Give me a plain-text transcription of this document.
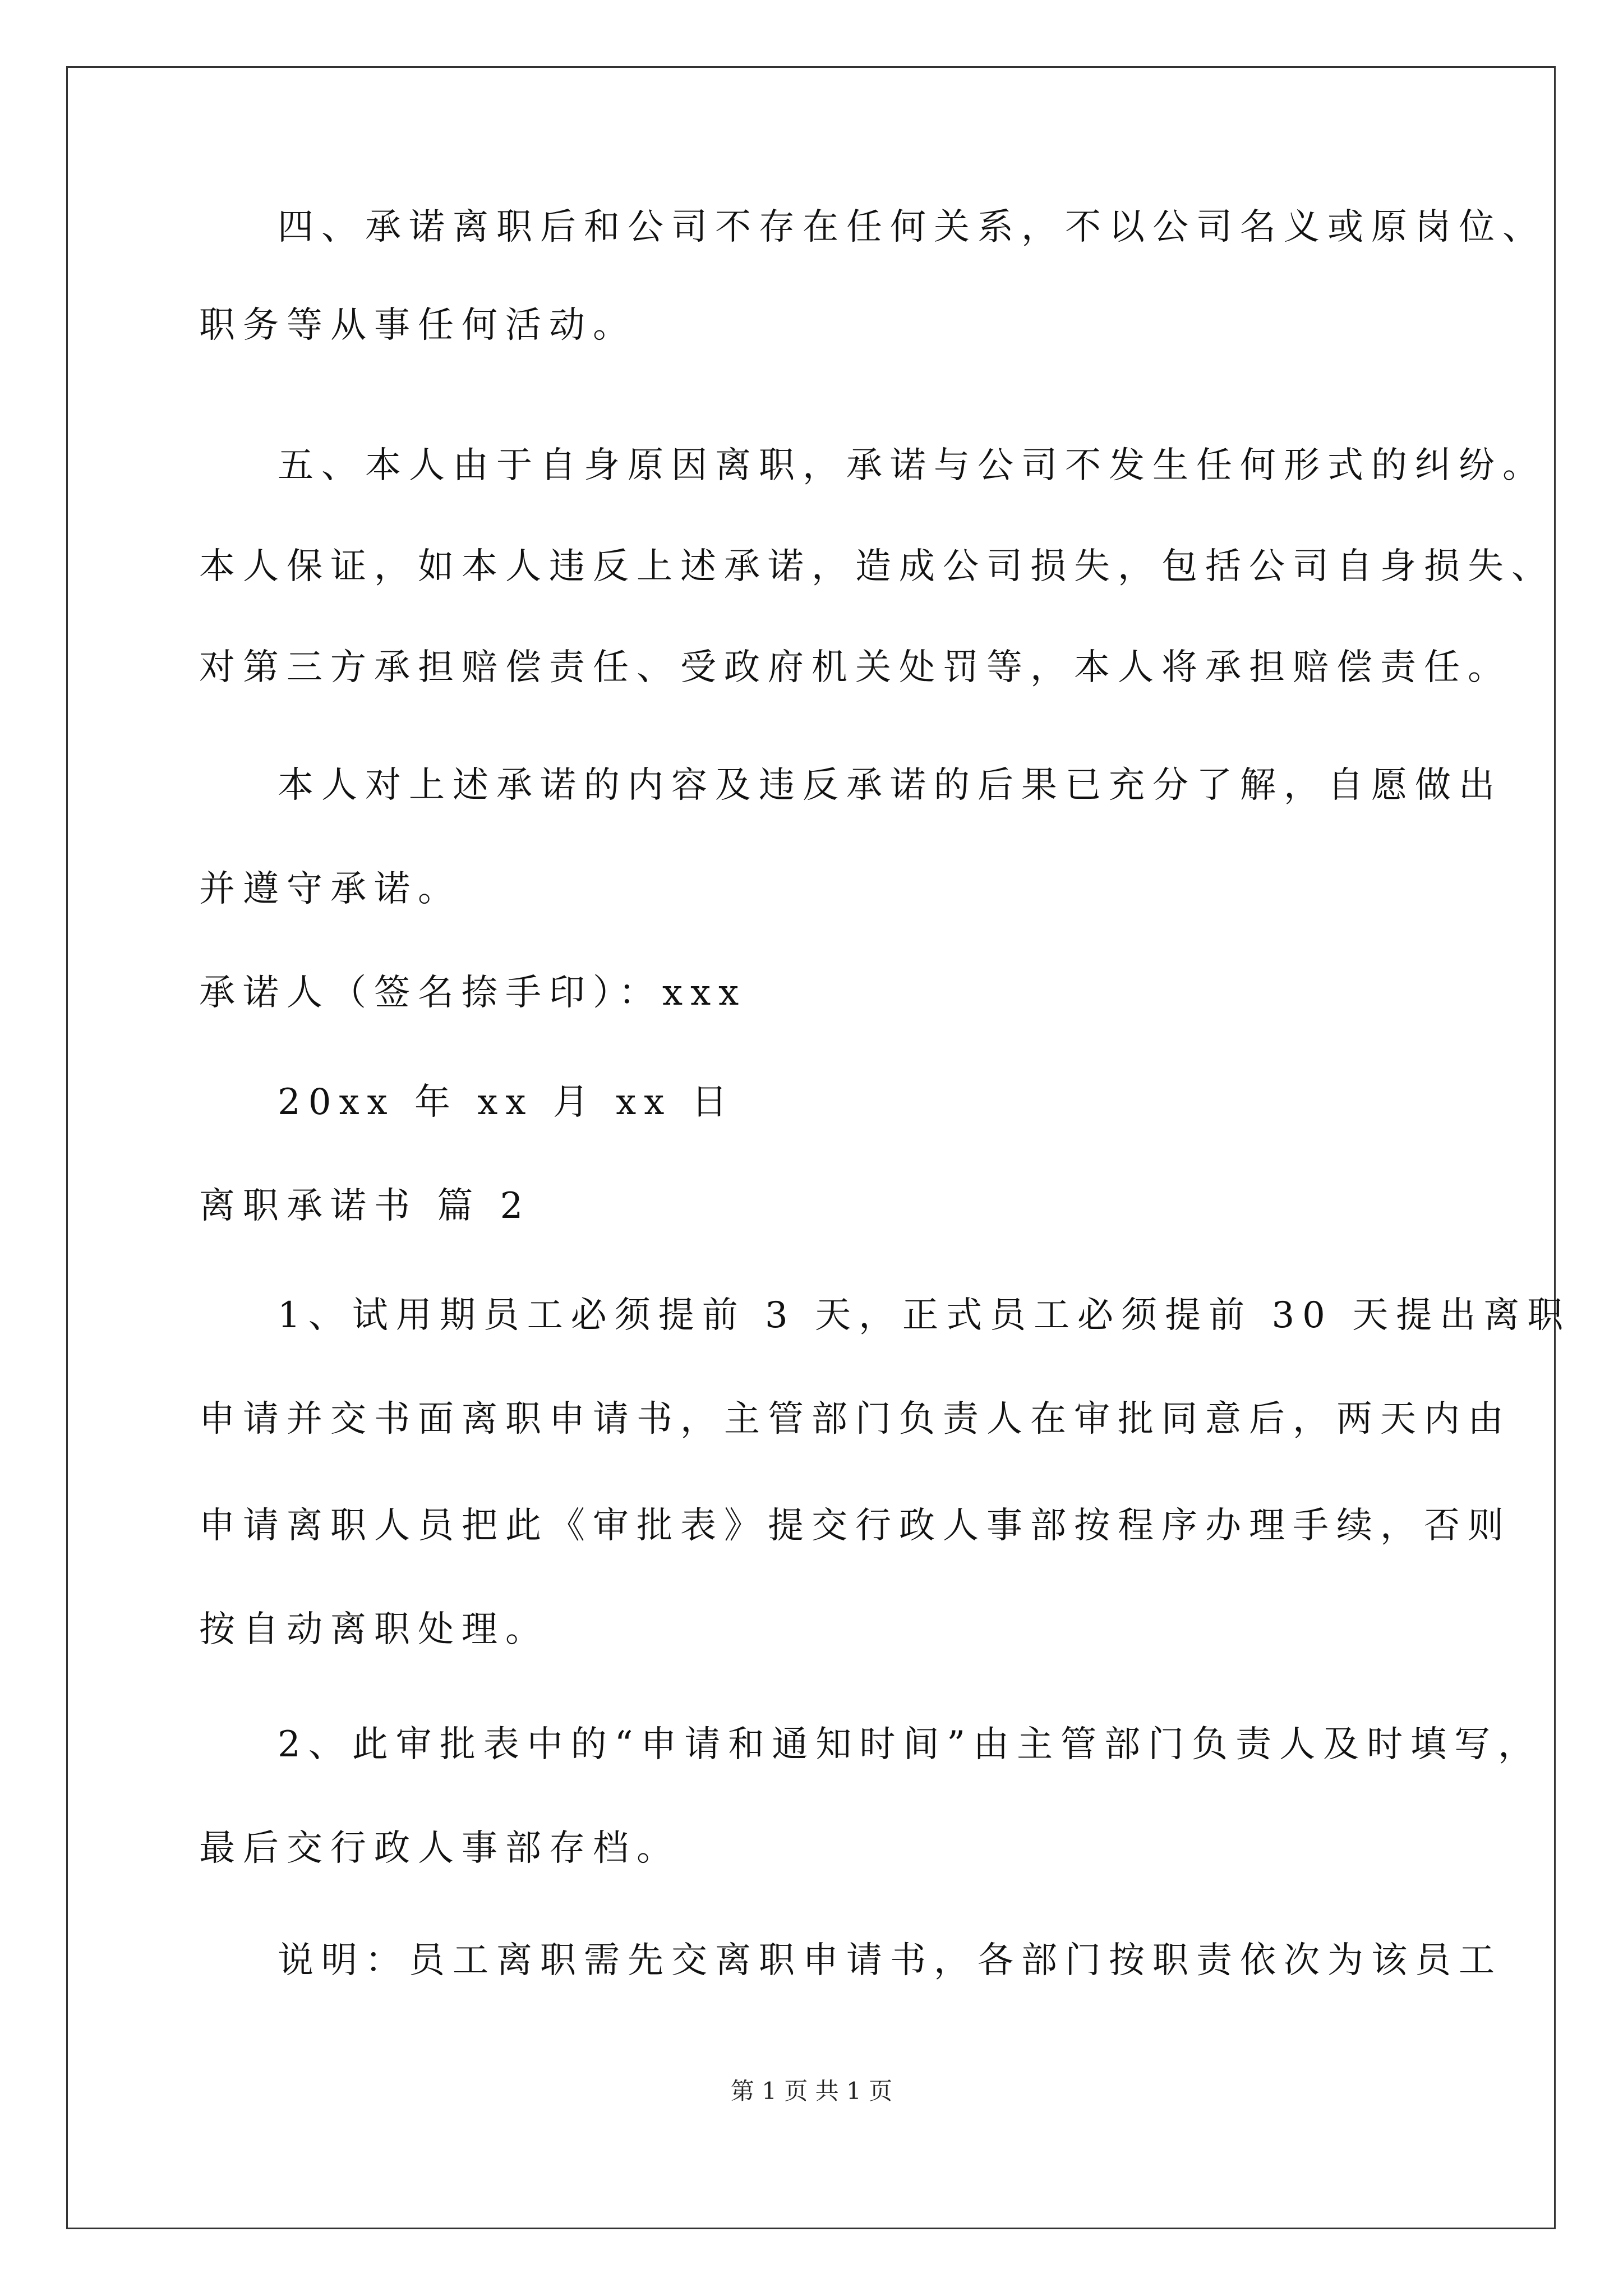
四、承诺离职后和公司不存在任何关系，不以公司名义或原岗位、
职务等从事任何活动。
五、本人由于自身原因离职，承诺与公司不发生任何形式的纠纷。
本人保证，如本人违反上述承诺，造成公司损失，包括公司自身损失、
对第三方承担赔偿责任、受政府机关处罚等，本人将承担赔偿责任。
本人对上述承诺的内容及违反承诺的后果已充分了解，自愿做出
并遵守承诺。
承诺人（签名捺手印）：xxx
20xx 年 xx 月 xx 日
离职承诺书 篇 2
1、试用期员工必须提前 3 天，正式员工必须提前 30 天提出离职
申请并交书面离职申请书，主管部门负责人在审批同意后，两天内由
申请离职人员把此《审批表》提交行政人事部按程序办理手续，否则
按自动离职处理。
2、此审批表中的“申请和通知时间”由主管部门负责人及时填写，
最后交行政人事部存档。
说明：员工离职需先交离职申请书，各部门按职责依次为该员工
第 1 页 共 1 页
